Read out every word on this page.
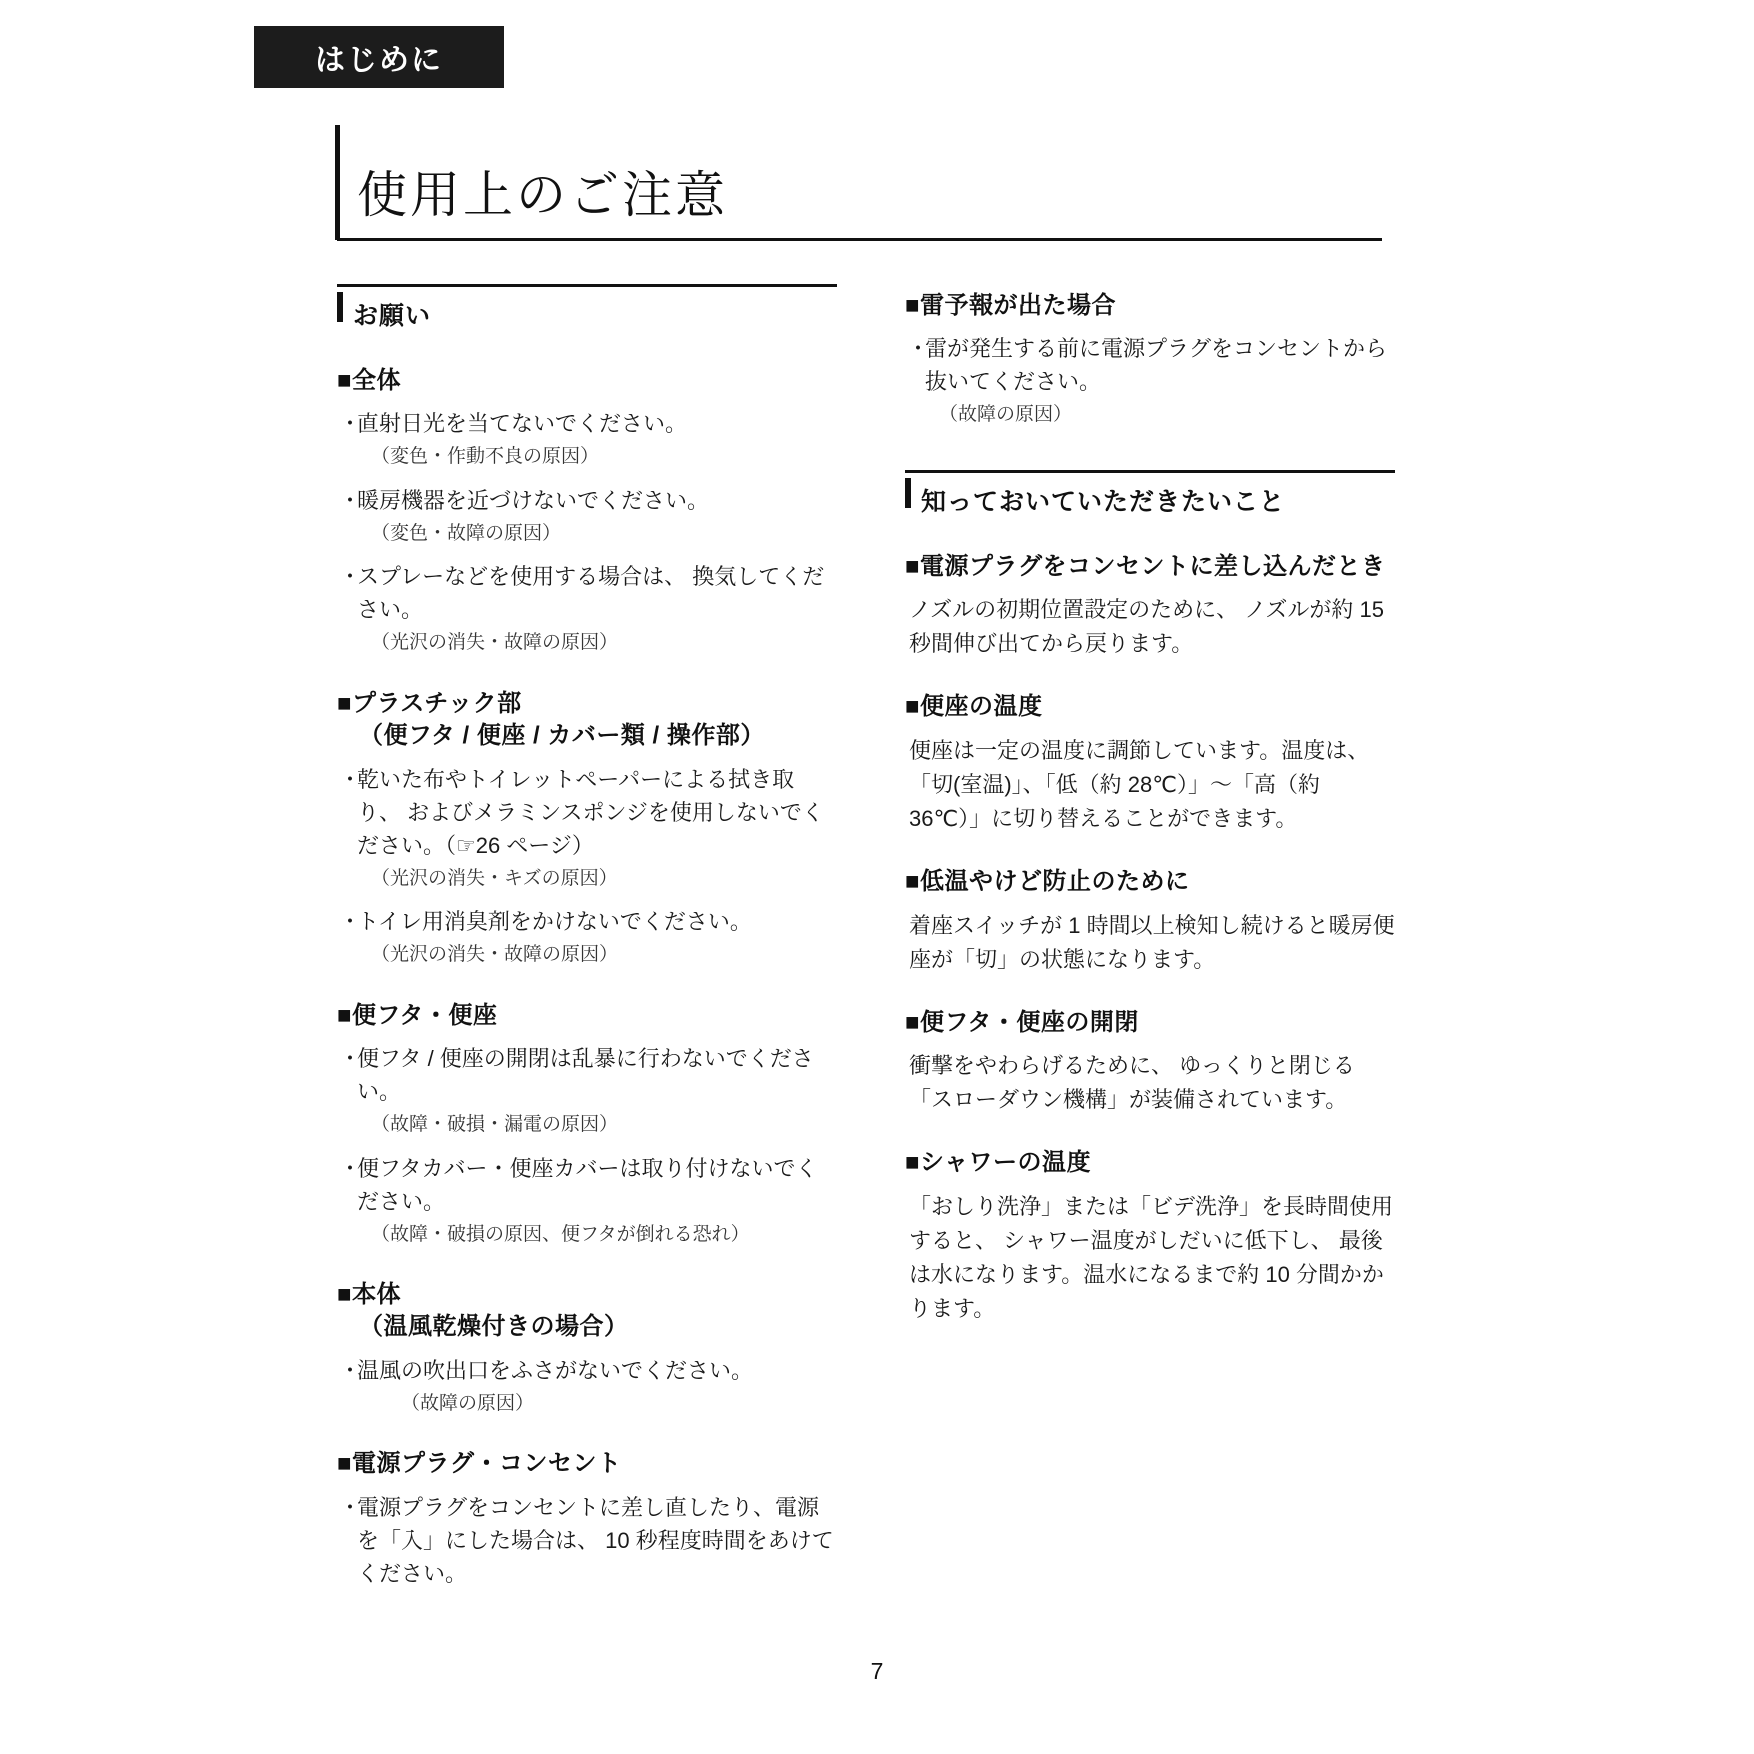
はじめに
使用上のご注意
お願い
■全体
・
直射日光を当てないでください。
（変色・作動不良の原因）
・
暖房機器を近づけないでください。
（変色・故障の原因）
・
スプレーなどを使用する場合は、 換気してください。
（光沢の消失・故障の原因）
■プラスチック部
（便フタ / 便座 / カバー類 / 操作部）
・
乾いた布やトイレットペーパーによる拭き取り、 およびメラミンスポンジを使用しないでください。（☞26 ページ）
（光沢の消失・キズの原因）
・
トイレ用消臭剤をかけないでください。
（光沢の消失・故障の原因）
■便フタ・便座
・
便フタ / 便座の開閉は乱暴に行わないでください。
（故障・破損・漏電の原因）
・
便フタカバー・便座カバーは取り付けないでください。
（故障・破損の原因、便フタが倒れる恐れ）
■本体
（温風乾燥付きの場合）
・
温風の吹出口をふさがないでください。
（故障の原因）
■電源プラグ・コンセント
・
電源プラグをコンセントに差し直したり、電源を「入」にした場合は、 10 秒程度時間をあけてください。
■雷予報が出た場合
・
雷が発生する前に電源プラグをコンセントから抜いてください。
（故障の原因）
知っておいていただきたいこと
■電源プラグをコンセントに差し込んだとき

ノズルの初期位置設定のために、 ノズルが約 15 秒間伸び出てから戻ります。

■便座の温度

便座は一定の温度に調節しています。温度は、「切(室温)」、「低（約 28℃）」～「高（約 36℃）」に切り替えることができます。

■低温やけど防止のために

着座スイッチが 1 時間以上検知し続けると暖房便座が「切」の状態になります。

■便フタ・便座の開閉

衝撃をやわらげるために、 ゆっくりと閉じる「スローダウン機構」が装備されています。

■シャワーの温度

「おしり洗浄」または「ビデ洗浄」を長時間使用すると、 シャワー温度がしだいに低下し、 最後は水になります。温水になるまで約 10 分間かかります。

7
